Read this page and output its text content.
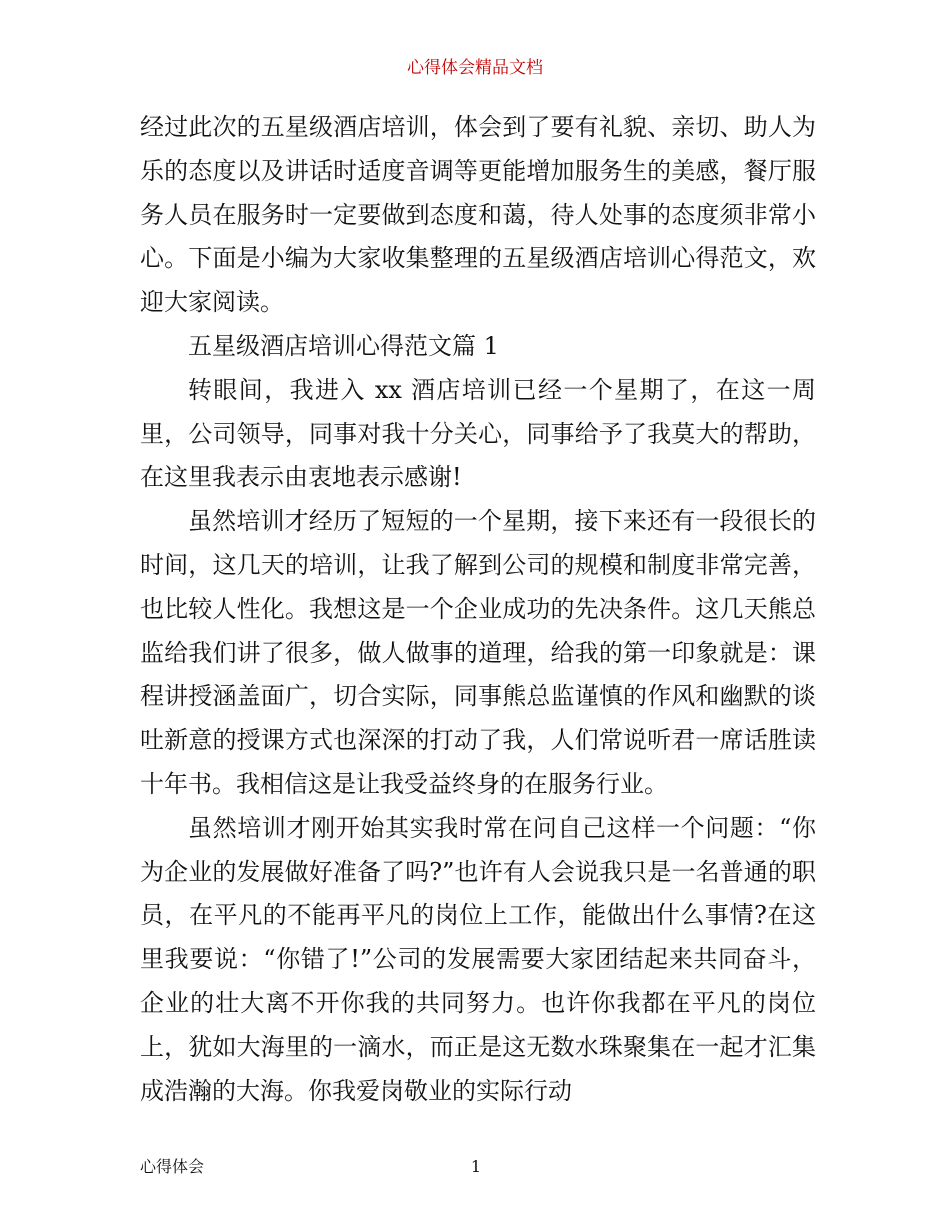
心得体会精品文档

经过此次的五星级酒店培训，体会到了要有礼貌、亲切、助人为乐的态度以及讲话时适度音调等更能增加服务生的美感，餐厅服务人员在服务时一定要做到态度和蔼，待人处事的态度须非常小心。下面是小编为大家收集整理的五星级酒店培训心得范文，欢迎大家阅读。

五星级酒店培训心得范文篇 1

转眼间，我进入 xx 酒店培训已经一个星期了，在这一周里，公司领导，同事对我十分关心，同事给予了我莫大的帮助，在这里我表示由衷地表示感谢!

虽然培训才经历了短短的一个星期，接下来还有一段很长的时间，这几天的培训，让我了解到公司的规模和制度非常完善，也比较人性化。我想这是一个企业成功的先决条件。这几天熊总监给我们讲了很多，做人做事的道理，给我的第一印象就是：课程讲授涵盖面广，切合实际，同事熊总监谨慎的作风和幽默的谈吐新意的授课方式也深深的打动了我，人们常说听君一席话胜读十年书。我相信这是让我受益终身的在服务行业。

虽然培训才刚开始其实我时常在问自己这样一个问题：“你为企业的发展做好准备了吗?”也许有人会说我只是一名普通的职员，在平凡的不能再平凡的岗位上工作，能做出什么事情?在这里我要说：“你错了!”公司的发展需要大家团结起来共同奋斗，企业的壮大离不开你我的共同努力。也许你我都在平凡的岗位上，犹如大海里的一滴水，而正是这无数水珠聚集在一起才汇集成浩瀚的大海。你我爱岗敬业的实际行动

心得体会	1
